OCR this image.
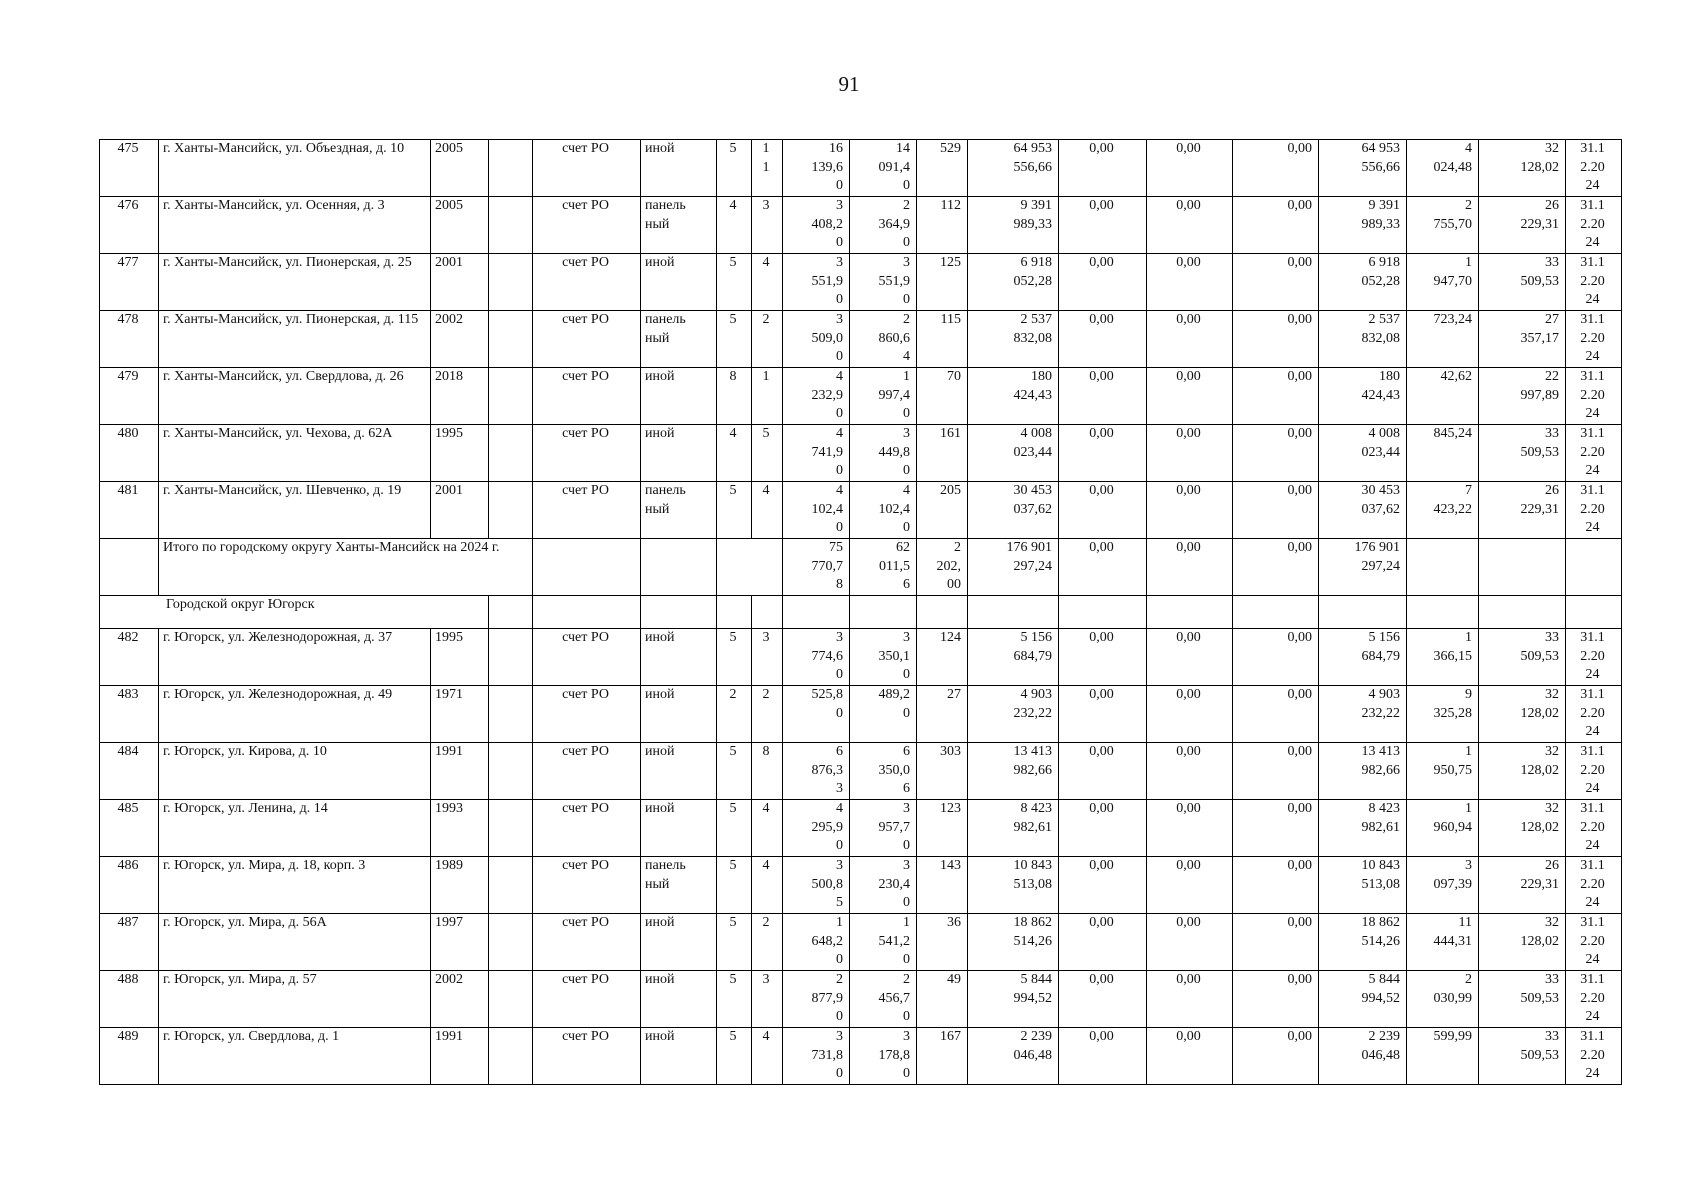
91
475	г. Ханты-Мансийск, ул. Объездная, д. 10	2005		счет РО	иной	5	1
1	16
139,6
0	14
091,4
0	529	64 953
556,66	0,00	0,00	0,00	64 953
556,66	4
024,48	32
128,02	31.1
2.20
24
476	г. Ханты-Мансийск, ул. Осенняя, д. 3	2005		счет РО	панель
ный	4	3	3
408,2
0	2
364,9
0	112	9 391
989,33	0,00	0,00	0,00	9 391
989,33	2
755,70	26
229,31	31.1
2.20
24
477	г. Ханты-Мансийск, ул. Пионерская, д. 25	2001		счет РО	иной	5	4	3
551,9
0	3
551,9
0	125	6 918
052,28	0,00	0,00	0,00	6 918
052,28	1
947,70	33
509,53	31.1
2.20
24
478	г. Ханты-Мансийск, ул. Пионерская, д. 115	2002		счет РО	панель
ный	5	2	3
509,0
0	2
860,6
4	115	2 537
832,08	0,00	0,00	0,00	2 537
832,08	723,24	27
357,17	31.1
2.20
24
479	г. Ханты-Мансийск, ул. Свердлова, д. 26	2018		счет РО	иной	8	1	4
232,9
0	1
997,4
0	70	180
424,43	0,00	0,00	0,00	180
424,43	42,62	22
997,89	31.1
2.20
24
480	г. Ханты-Мансийск, ул. Чехова, д. 62А	1995		счет РО	иной	4	5	4
741,9
0	3
449,8
0	161	4 008
023,44	0,00	0,00	0,00	4 008
023,44	845,24	33
509,53	31.1
2.20
24
481	г. Ханты-Мансийск, ул. Шевченко, д. 19	2001		счет РО	панель
ный	5	4	4
102,4
0	4
102,4
0	205	30 453
037,62	0,00	0,00	0,00	30 453
037,62	7
423,22	26
229,31	31.1
2.20
24
	Итого по городскому округу Ханты-Мансийск на 2024 г.							75
770,7
8	62
011,5
6	2
202,
00	176 901
297,24	0,00	0,00	0,00	176 901
297,24			
Городской округ Югорск																		
482	г. Югорск, ул. Железнодорожная, д. 37	1995		счет РО	иной	5	3	3
774,6
0	3
350,1
0	124	5 156
684,79	0,00	0,00	0,00	5 156
684,79	1
366,15	33
509,53	31.1
2.20
24
483	г. Югорск, ул. Железнодорожная, д. 49	1971		счет РО	иной	2	2	525,8
0	489,2
0	27	4 903
232,22	0,00	0,00	0,00	4 903
232,22	9
325,28	32
128,02	31.1
2.20
24
484	г. Югорск, ул. Кирова, д. 10	1991		счет РО	иной	5	8	6
876,3
3	6
350,0
6	303	13 413
982,66	0,00	0,00	0,00	13 413
982,66	1
950,75	32
128,02	31.1
2.20
24
485	г. Югорск, ул. Ленина, д. 14	1993		счет РО	иной	5	4	4
295,9
0	3
957,7
0	123	8 423
982,61	0,00	0,00	0,00	8 423
982,61	1
960,94	32
128,02	31.1
2.20
24
486	г. Югорск, ул. Мира, д. 18, корп. 3	1989		счет РО	панель
ный	5	4	3
500,8
5	3
230,4
0	143	10 843
513,08	0,00	0,00	0,00	10 843
513,08	3
097,39	26
229,31	31.1
2.20
24
487	г. Югорск, ул. Мира, д. 56А	1997		счет РО	иной	5	2	1
648,2
0	1
541,2
0	36	18 862
514,26	0,00	0,00	0,00	18 862
514,26	11
444,31	32
128,02	31.1
2.20
24
488	г. Югорск, ул. Мира, д. 57	2002		счет РО	иной	5	3	2
877,9
0	2
456,7
0	49	5 844
994,52	0,00	0,00	0,00	5 844
994,52	2
030,99	33
509,53	31.1
2.20
24
489	г. Югорск, ул. Свердлова, д. 1	1991		счет РО	иной	5	4	3
731,8
0	3
178,8
0	167	2 239
046,48	0,00	0,00	0,00	2 239
046,48	599,99	33
509,53	31.1
2.20
24
